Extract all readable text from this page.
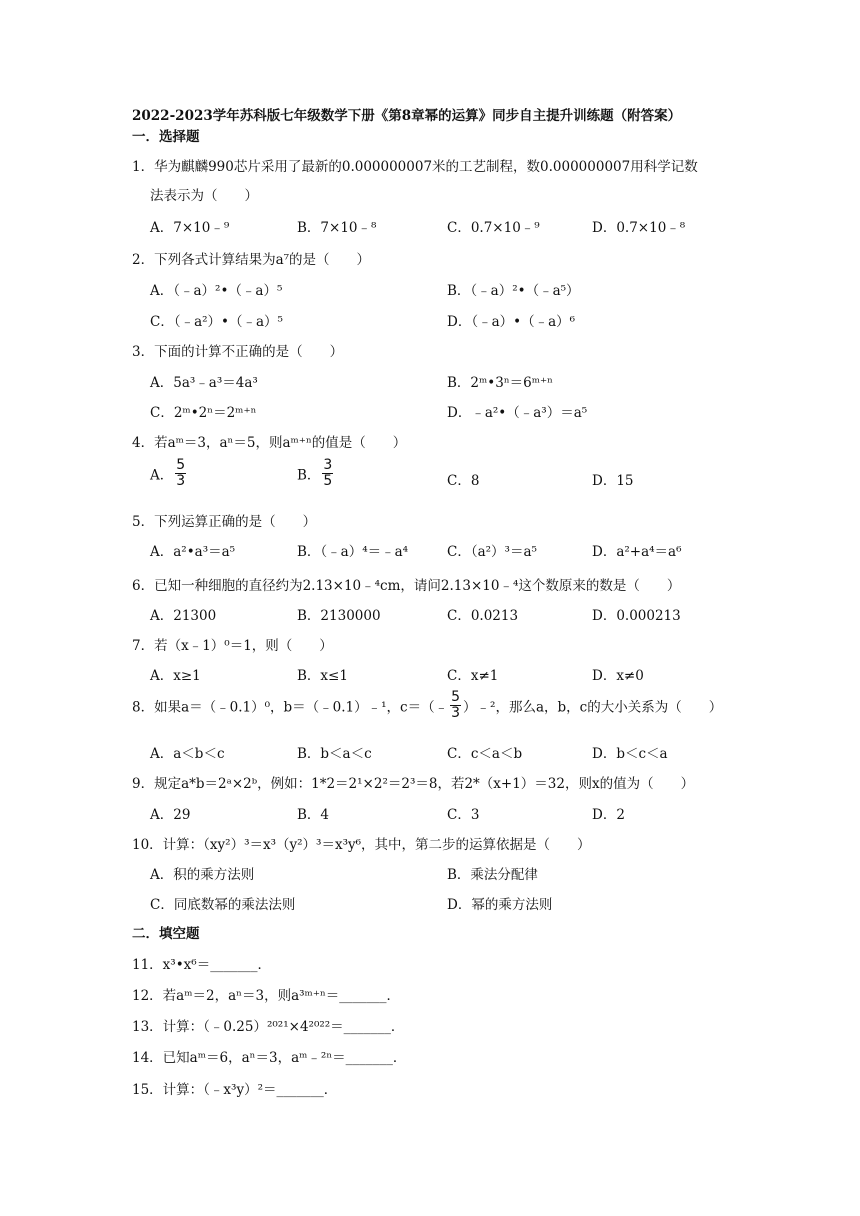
2022-2023学年苏科版七年级数学下册《第8章幂的运算》同步自主提升训练题（附答案）
一．选择题
1．华为麒麟990芯片采用了最新的0.000000007米的工艺制程，数0.000000007用科学记数
法表示为（　　）
A．7×10﹣⁹	B．7×10﹣⁸	C．0.7×10﹣⁹	D．0.7×10﹣⁸
2．下列各式计算结果为a⁷的是（　　）
A．（﹣a）²•（﹣a）⁵	B．（﹣a）²•（﹣a⁵）
C．（﹣a²）•（﹣a）⁵	D．（﹣a）•（﹣a）⁶
3．下面的计算不正确的是（　　）
A．5a³﹣a³＝4a³	B．2ᵐ•3ⁿ＝6ᵐ⁺ⁿ
C．2ᵐ•2ⁿ＝2ᵐ⁺ⁿ	D．﹣a²•（﹣a³）＝a⁵
4．若aᵐ＝3，aⁿ＝5，则aᵐ⁺ⁿ的值是（　　）
A． $\frac{5}{3}$	B． $\frac{3}{5}$	C．8	D．15
5．下列运算正确的是（　　）
A．a²•a³＝a⁵	B．（﹣a）⁴＝﹣a⁴	C．（a²）³＝a⁵	D．a²+a⁴＝a⁶
6．已知一种细胞的直径约为2.13×10﹣⁴cm，请问2.13×10﹣⁴这个数原来的数是（　　）
A．21300	B．2130000	C．0.0213	D．0.000213
7．若（x﹣1）⁰＝1，则（　　）
A．x≥1	B．x≤1	C．x≠1	D．x≠0
8．如果a＝（﹣0.1）⁰，b＝（﹣0.1）﹣¹，c＝（﹣ $\frac{5}{3}$ ）﹣²，那么a，b，c的大小关系为（　　）
A．a＜b＜c	B．b＜a＜c	C．c＜a＜b	D．b＜c＜a
9．规定a*b＝2ᵃ×2ᵇ，例如：1*2＝2¹×2²＝2³＝8，若2*（x+1）＝32，则x的值为（　　）
A．29	B．4	C．3	D．2
10．计算：（xy²）³＝x³（y²）³＝x³y⁶，其中，第二步的运算依据是（　　）
A．积的乘方法则	B．乘法分配律
C．同底数幂的乘法法则	D．幂的乘方法则
二．填空题
11．x³•x⁶＝_______．
12．若aᵐ＝2，aⁿ＝3，则a³ᵐ⁺ⁿ＝_______．
13．计算：（﹣0.25）²⁰²¹×4²⁰²²＝_______．
14．已知aᵐ＝6，aⁿ＝3，aᵐ﹣²ⁿ＝_______．
15．计算：（﹣x³y）²＝_______．
